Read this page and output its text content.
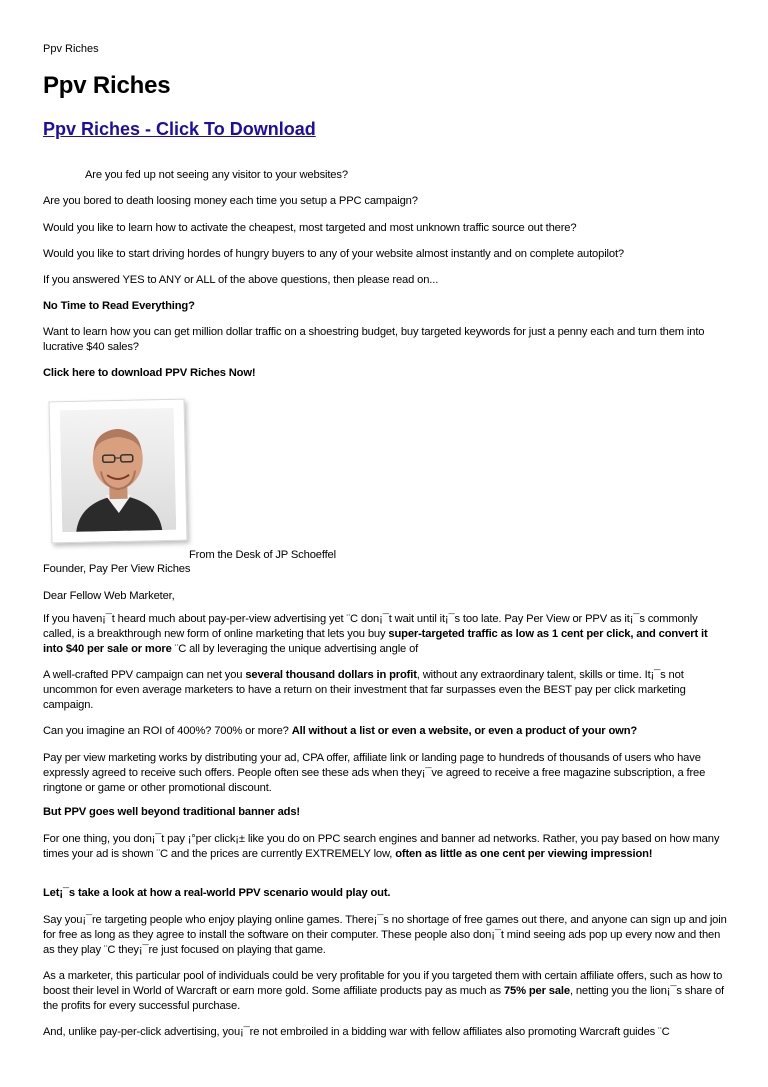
Ppv Riches
Ppv Riches
Ppv Riches - Click To Download

Are you fed up not seeing any visitor to your websites?

Are you bored to death loosing money each time you setup a PPC campaign?

Would you like to learn how to activate the cheapest, most targeted and most unknown traffic source out there?

Would you like to start driving hordes of hungry buyers to any of your website almost instantly and on complete autopilot?

If you answered YES to ANY or ALL of the above questions, then please read on...

No Time to Read Everything?

Want to learn how you can get million dollar traffic on a shoestring budget, buy targeted keywords for just a penny each and turn them into lucrative $40 sales?

Click here to download PPV Riches Now!
From the Desk of JP Schoeffel
Founder, Pay Per View Riches
Dear Fellow Web Marketer,

If you haven¡¯t heard much about pay-per-view advertising yet ¨C don¡¯t wait until it¡¯s too late. Pay Per View or PPV as it¡¯s commonly called, is a breakthrough new form of online marketing that lets you buy super-targeted traffic as low as 1 cent per click, and convert it into $40 per sale or more ¨C all by leveraging the unique advertising angle of

A well-crafted PPV campaign can net you several thousand dollars in profit, without any extraordinary talent, skills or time. It¡¯s not uncommon for even average marketers to have a return on their investment that far surpasses even the BEST pay per click marketing campaign.

Can you imagine an ROI of 400%? 700% or more? All without a list or even a website, or even a product of your own?

Pay per view marketing works by distributing your ad, CPA offer, affiliate link or landing page to hundreds of thousands of users who have expressly agreed to receive such offers. People often see these ads when they¡¯ve agreed to receive a free magazine subscription, a free ringtone or game or other promotional discount.

But PPV goes well beyond traditional banner ads!

For one thing, you don¡¯t pay ¡°per click¡± like you do on PPC search engines and banner ad networks. Rather, you pay based on how many times your ad is shown ¨C and the prices are currently EXTREMELY low, often as little as one cent per viewing impression!

Let¡¯s take a look at how a real-world PPV scenario would play out.

Say you¡¯re targeting people who enjoy playing online games. There¡¯s no shortage of free games out there, and anyone can sign up and join for free as long as they agree to install the software on their computer. These people also don¡¯t mind seeing ads pop up every now and then as they play ¨C they¡¯re just focused on playing that game.

As a marketer, this particular pool of individuals could be very profitable for you if you targeted them with certain affiliate offers, such as how to boost their level in World of Warcraft or earn more gold. Some affiliate products pay as much as 75% per sale, netting you the lion¡¯s share of the profits for every successful purchase.

And, unlike pay-per-click advertising, you¡¯re not embroiled in a bidding war with fellow affiliates also promoting Warcraft guides ¨C
